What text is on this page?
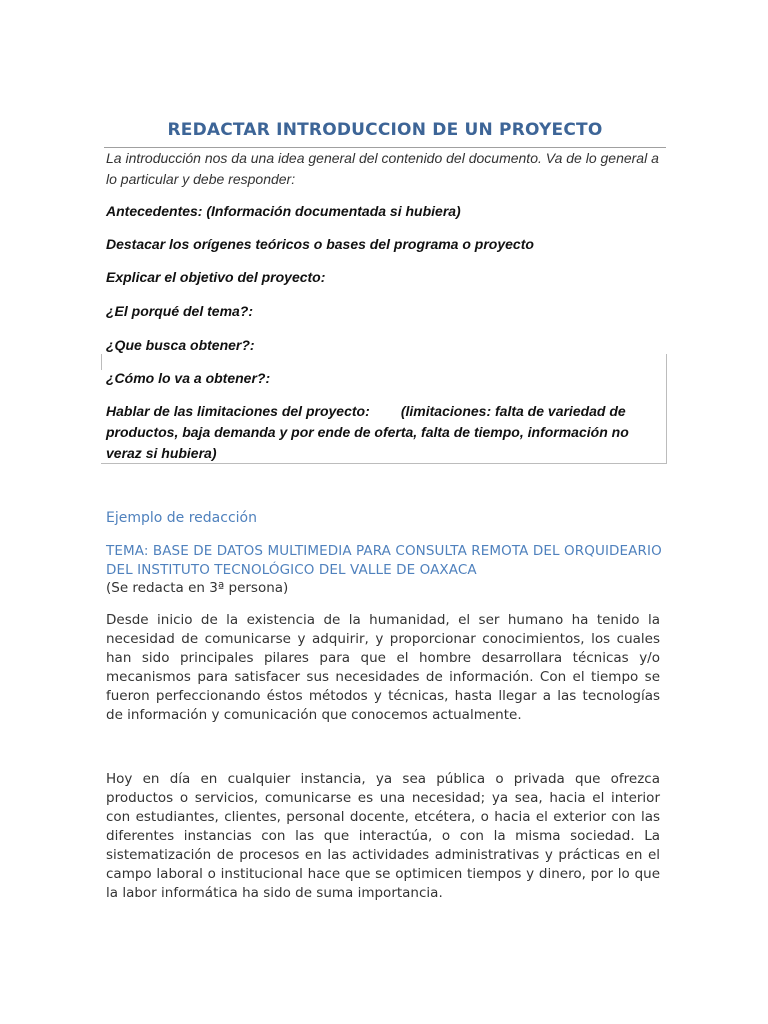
REDACTAR INTRODUCCION DE UN PROYECTO
La introducción nos da una idea general del contenido del documento. Va de lo general a lo particular y debe responder:
Antecedentes: (Información documentada si hubiera)
Destacar los orígenes teóricos o bases del programa o proyecto
Explicar el objetivo del proyecto:
¿El porqué del tema?:
¿Que busca obtener?:
¿Cómo lo va a obtener?:
Hablar de las limitaciones del proyecto:        (limitaciones: falta de variedad de productos, baja demanda y por ende de oferta, falta de tiempo, información no veraz si hubiera)
Ejemplo de redacción
TEMA: BASE DE DATOS MULTIMEDIA PARA CONSULTA REMOTA DEL ORQUIDEARIO DEL INSTITUTO TECNOLÓGICO DEL VALLE DE OAXACA
(Se redacta en 3ª persona)
Desde inicio de la existencia de la humanidad, el ser humano ha tenido la necesidad de comunicarse y adquirir, y proporcionar conocimientos, los cuales han sido principales pilares para que el hombre desarrollara técnicas y/o mecanismos para satisfacer sus necesidades de información. Con el tiempo se fueron perfeccionando éstos métodos y técnicas, hasta llegar a las tecnologías de información y comunicación que conocemos actualmente.
Hoy en día en cualquier instancia, ya sea pública o privada que ofrezca productos o servicios, comunicarse es una necesidad; ya sea, hacia el interior con estudiantes, clientes, personal docente, etcétera, o hacia el exterior con las diferentes instancias con las que interactúa, o con la misma sociedad. La sistematización de procesos en las actividades administrativas y prácticas en el campo laboral o institucional hace que se optimicen tiempos y dinero, por lo que la labor informática ha sido de suma importancia.
